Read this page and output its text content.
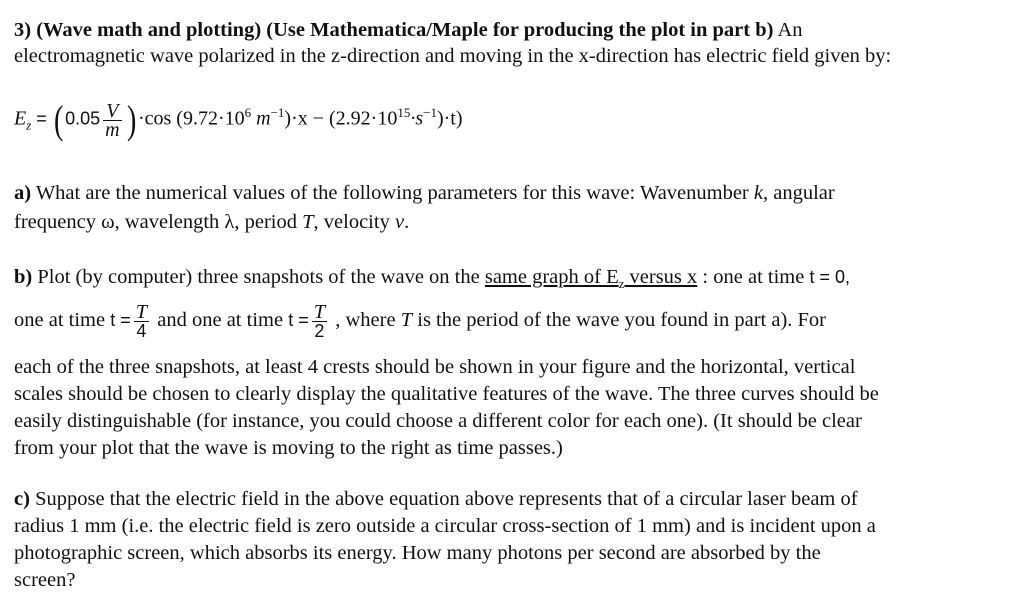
3) (Wave math and plotting) (Use Mathematica/Maple for producing the plot in part b) An
electromagnetic wave polarized in the z-direction and moving in the x-direction has electric field given by:
$E_z$ = ( $0.05 \frac{V}{m} )\cdot\cos$ ($9.72\cdot 10^6$ $m^{-1})\cdot x - (2.92\cdot 10^{15}\cdot s^{-1})\cdot t$)
a) What are the numerical values of the following parameters for this wave: Wavenumber k, angular
frequency ω, wavelength λ, period T, velocity v.
b) Plot (by computer) three snapshots of the wave on the same graph of $E_z$ versus x : one at time t = 0,
one at time $t = \frac{T}{4}$ and one at time $t = \frac{T}{2}$ , where T is the period of the wave you found in part a). For
each of the three snapshots, at least 4 crests should be shown in your figure and the horizontal, vertical
scales should be chosen to clearly display the qualitative features of the wave. The three curves should be
easily distinguishable (for instance, you could choose a different color for each one). (It should be clear
from your plot that the wave is moving to the right as time passes.)
c) Suppose that the electric field in the above equation above represents that of a circular laser beam of
radius 1 mm (i.e. the electric field is zero outside a circular cross-section of 1 mm) and is incident upon a
photographic screen, which absorbs its energy. How many photons per second are absorbed by the
screen?
